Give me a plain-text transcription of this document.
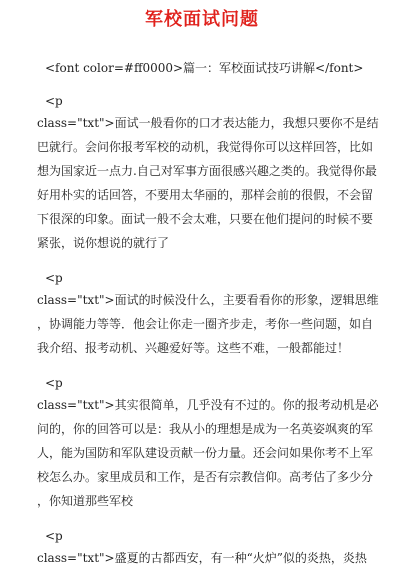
军校面试问题
<font color=#ff0000>篇一：军校面试技巧讲解</font>
<p
class="txt">面试一般看你的口才表达能力，我想只要你不是结
巴就行。会问你报考军校的动机，我觉得你可以这样回答，比如
想为国家近一点力.自己对军事方面很感兴趣之类的。我觉得你最
好用朴实的话回答，不要用太华丽的，那样会前的很假，不会留
下很深的印象。面试一般不会太难，只要在他们提问的时候不要
紧张，说你想说的就行了
<p
class="txt">面试的时候没什么，主要看看你的形象，逻辑思维
，协调能力等等．他会让你走一圈齐步走，考你一些问题，如自
我介绍、报考动机、兴趣爱好等。这些不难，一般都能过！
<p
class="txt">其实很简单，几乎没有不过的。你的报考动机是必
问的，你的回答可以是：我从小的理想是成为一名英姿飒爽的军
人，能为国防和军队建设贡献一份力量。还会问如果你考不上军
校怎么办。家里成员和工作，是否有宗教信仰。高考估了多少分
，你知道那些军校
<p
class="txt">盛夏的古都西安，有一种“火炉”似的炎热，炎热
